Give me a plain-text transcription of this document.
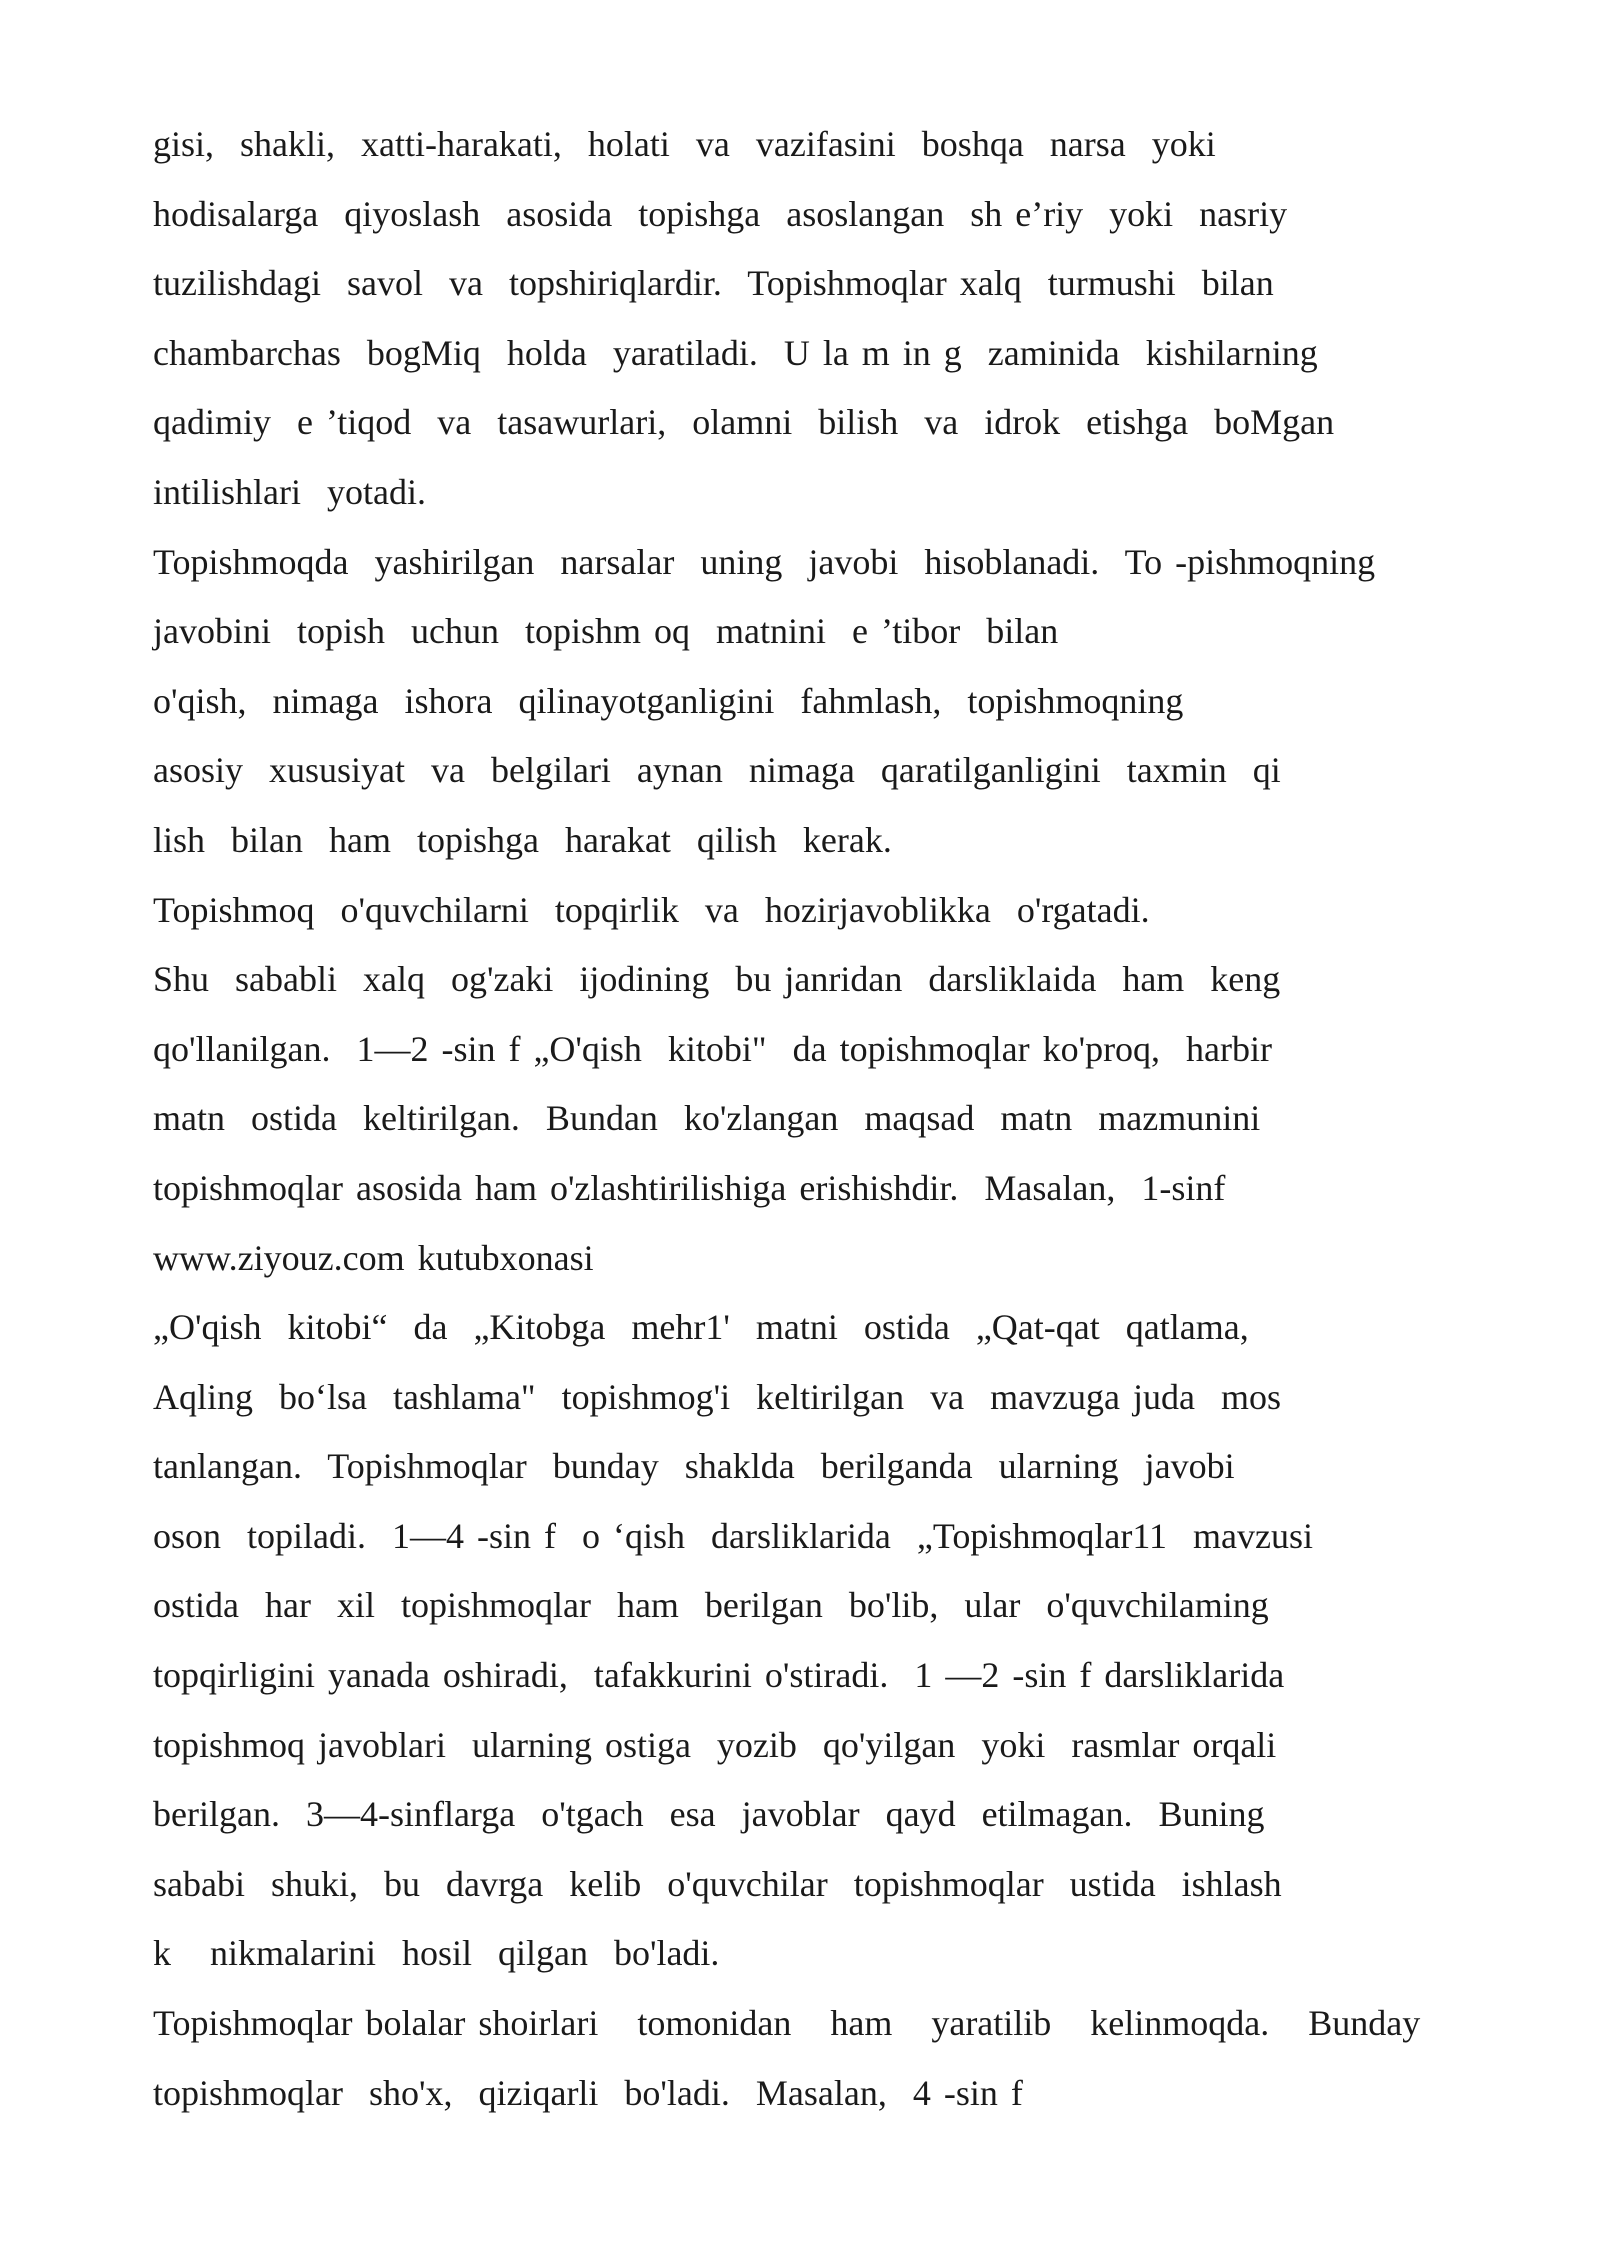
gisi,  shakli,  xatti-harakati,  holati  va  vazifasini  boshqa  narsa  yoki
hodisalarga  qiyoslash  asosida  topishga  asoslangan  sh e’riy  yoki  nasriy
tuzilishdagi  savol  va  topshiriqlardir.  Topishmoqlar xalq  turmushi  bilan
chambarchas  bogMiq  holda  yaratiladi.  U la m in g  zaminida  kishilarning
qadimiy  e ’tiqod  va  tasawurlari,  olamni  bilish  va  idrok  etishga  boMgan
intilishlari  yotadi.
Topishmoqda  yashirilgan  narsalar  uning  javobi  hisoblanadi.  To -pishmoqning
javobini  topish  uchun  topishm oq  matnini  e ’tibor  bilan
o'qish,  nimaga  ishora  qilinayotganligini  fahmlash,  topishmoqning
asosiy  xususiyat  va  belgilari  aynan  nimaga  qaratilganligini  taxmin  qi
lish  bilan  ham  topishga  harakat  qilish  kerak.
Topishmoq  o'quvchilarni  topqirlik  va  hozirjavoblikka  o'rgatadi.
Shu  sababli  xalq  og'zaki  ijodining  bu janridan  darsliklaida  ham  keng
qo'llanilgan.  1—2 -sin f „O'qish  kitobi"  da topishmoqlar ko'proq,  harbir
matn  ostida  keltirilgan.  Bundan  ko'zlangan  maqsad  matn  mazmunini
topishmoqlar asosida ham o'zlashtirilishiga erishishdir.  Masalan,  1-sinf
www.ziyouz.com kutubxonasi
„O'qish  kitobi“  da  „Kitobga  mehr1'  matni  ostida  „Qat-qat  qatlama,
Aqling  bo‘lsa  tashlama"  topishmog'i  keltirilgan  va  mavzuga juda  mos
tanlangan.  Topishmoqlar  bunday  shaklda  berilganda  ularning  javobi
oson  topiladi.  1—4 -sin f  o ‘qish  darsliklarida  „Topishmoqlar11  mavzusi
ostida  har  xil  topishmoqlar  ham  berilgan  bo'lib,  ular  o'quvchilaming
topqirligini yanada oshiradi,  tafakkurini o'stiradi.  1 —2 -sin f darsliklarida
topishmoq javoblari  ularning ostiga  yozib  qo'yilgan  yoki  rasmlar orqali
berilgan.  3—4-sinflarga  o'tgach  esa  javoblar  qayd  etilmagan.  Buning
sababi  shuki,  bu  davrga  kelib  o'quvchilar  topishmoqlar  ustida  ishlash
k   nikmalarini  hosil  qilgan  bo'ladi.
Topishmoqlar bolalar shoirlari   tomonidan   ham   yaratilib   kelinmoqda.   Bunday
topishmoqlar  sho'x,  qiziqarli  bo'ladi.  Masalan,  4 -sin f
